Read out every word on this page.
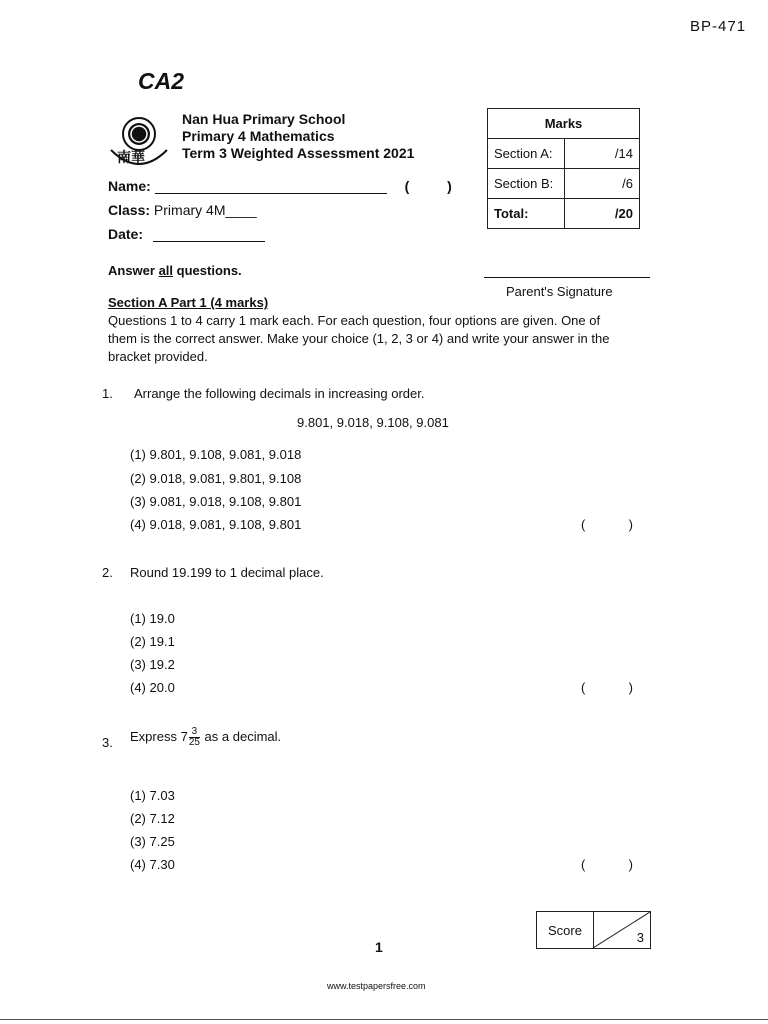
BP-471
CA2
南華
Nan Hua Primary School
Primary 4 Mathematics
Term 3 Weighted Assessment 2021
Name:	(	)
Class: Primary 4M____
Date:
Marks	
Section A:	/14
Section B:	/6
Total:	/20
Answer all questions.
Parent's Signature
Section A Part 1 (4 marks)
Questions 1 to 4 carry 1 mark each. For each question, four options are given. One of them is the correct answer. Make your choice (1, 2, 3 or 4) and write your answer in the bracket provided.
1. Arrange the following decimals in increasing order.
9.801, 9.018, 9.108, 9.081
(1) 9.801, 9.108, 9.081, 9.018
(2) 9.018, 9.081, 9.801, 9.108
(3) 9.081, 9.018, 9.108, 9.801
(4) 9.018, 9.081, 9.108, 9.801	(	)
2. Round 19.199 to 1 decimal place.
(1) 19.0
(2) 19.1
(3) 19.2
(4) 20.0	(	)
3. Express $7 \frac{3}{25}$ as a decimal.
(1) 7.03
(2) 7.12
(3) 7.25
(4) 7.30	(	)
Score	3
1
www.testpapersfree.com
